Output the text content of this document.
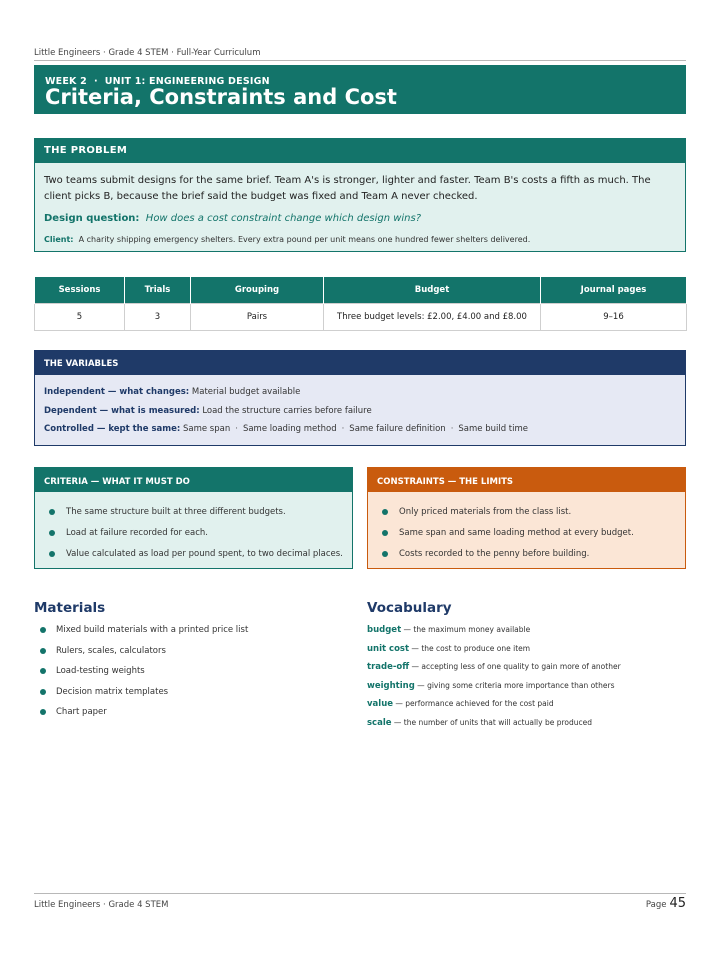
Little Engineers · Grade 4 STEM · Full-Year Curriculum
WEEK 2 · UNIT 1: ENGINEERING DESIGN
Criteria, Constraints and Cost
THE PROBLEM
Two teams submit designs for the same brief. Team A's is stronger, lighter and faster. Team B's costs a fifth as much. The client picks B, because the brief said the budget was fixed and Team A never checked.
Design question: How does a cost constraint change which design wins?
Client: A charity shipping emergency shelters. Every extra pound per unit means one hundred fewer shelters delivered.
Sessions	Trials	Grouping	Budget	Journal pages
5	3	Pairs	Three budget levels: £2.00, £4.00 and £8.00	9–16
THE VARIABLES
Independent — what changes: Material budget available
Dependent — what is measured: Load the structure carries before failure
Controlled — kept the same: Same span · Same loading method · Same failure definition · Same build time
CRITERIA — WHAT IT MUST DO
The same structure built at three different budgets.
Load at failure recorded for each.
Value calculated as load per pound spent, to two decimal places.
CONSTRAINTS — THE LIMITS
Only priced materials from the class list.
Same span and same loading method at every budget.
Costs recorded to the penny before building.
Materials
Mixed build materials with a printed price list
Rulers, scales, calculators
Load-testing weights
Decision matrix templates
Chart paper
Vocabulary
budget — the maximum money available
unit cost — the cost to produce one item
trade-off — accepting less of one quality to gain more of another
weighting — giving some criteria more importance than others
value — performance achieved for the cost paid
scale — the number of units that will actually be produced
Little Engineers · Grade 4 STEM	Page 45
